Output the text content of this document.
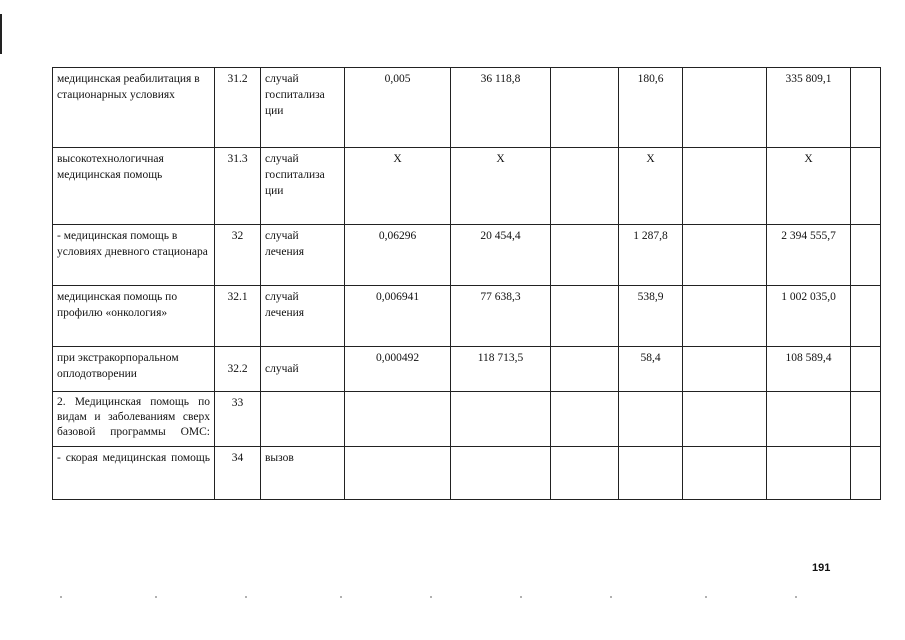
медицинская реабилитация в стационарных условиях	31.2	случай госпитализа ции	0,005	36 118,8		180,6		335 809,1	
высокотехнологичная медицинская помощь	31.3	случай госпитализа ции	X	X		X		X	
- медицинская помощь в условиях дневного стационара	32	случай лечения	0,06296	20 454,4		1 287,8		2 394 555,7	
медицинская помощь по профилю «онкология»	32.1	случай лечения	0,006941	77 638,3		538,9		1 002 035,0	
при экстракорпоральном оплодотворении	32.2	случай	0,000492	118 713,5		58,4		108 589,4	
2. Медицинская помощь по видам и заболеваниям сверх базовой программы ОМС:	33								
- скорая медицинская помощь	34	вызов							
191
